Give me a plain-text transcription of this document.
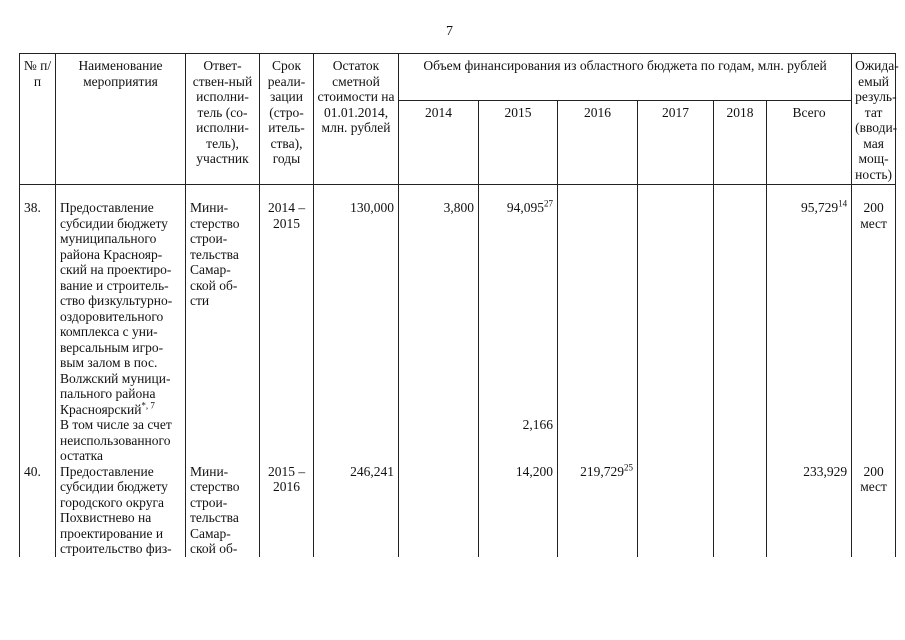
7
№ п/п	Наименование мероприятия	Ответ-ствен-ный исполни-тель (со-исполни-тель), участник	Срок реали-зации (стро-итель-ства), годы	Остаток сметной стоимости на 01.01.2014, млн. рублей	Объем финансирования из областного бюджета по годам, млн. рублей						Ожида-емый резуль-тат (вводи-мая мощ-ность)
					2014	2015	2016	2017	2018	Всего	

38.	Предоставление субсидии бюджету муниципального района Краснояр-ский на проектиро-вание и строитель-ство физкультурно-оздоровительного комплекса с уни-версальным игро-вым залом в пос. Волжский муници-пального района Красноярский$^{*, 7}$	Мини-стерство строи-тельства Самар-ской об-сти	2014 – 2015	130,000	3,800	94,095$^{27}$				95,729$^{14}$	200 мест
	В том числе за счет неиспользованного остатка					2,166					
40.	Предоставление субсидии бюджету городского округа Похвистнево на проектирование и строительство физ-	Мини-стерство строи-тельства Самар-ской об-	2015 – 2016	246,241		14,200	219,729$^{25}$			233,929	200 мест
